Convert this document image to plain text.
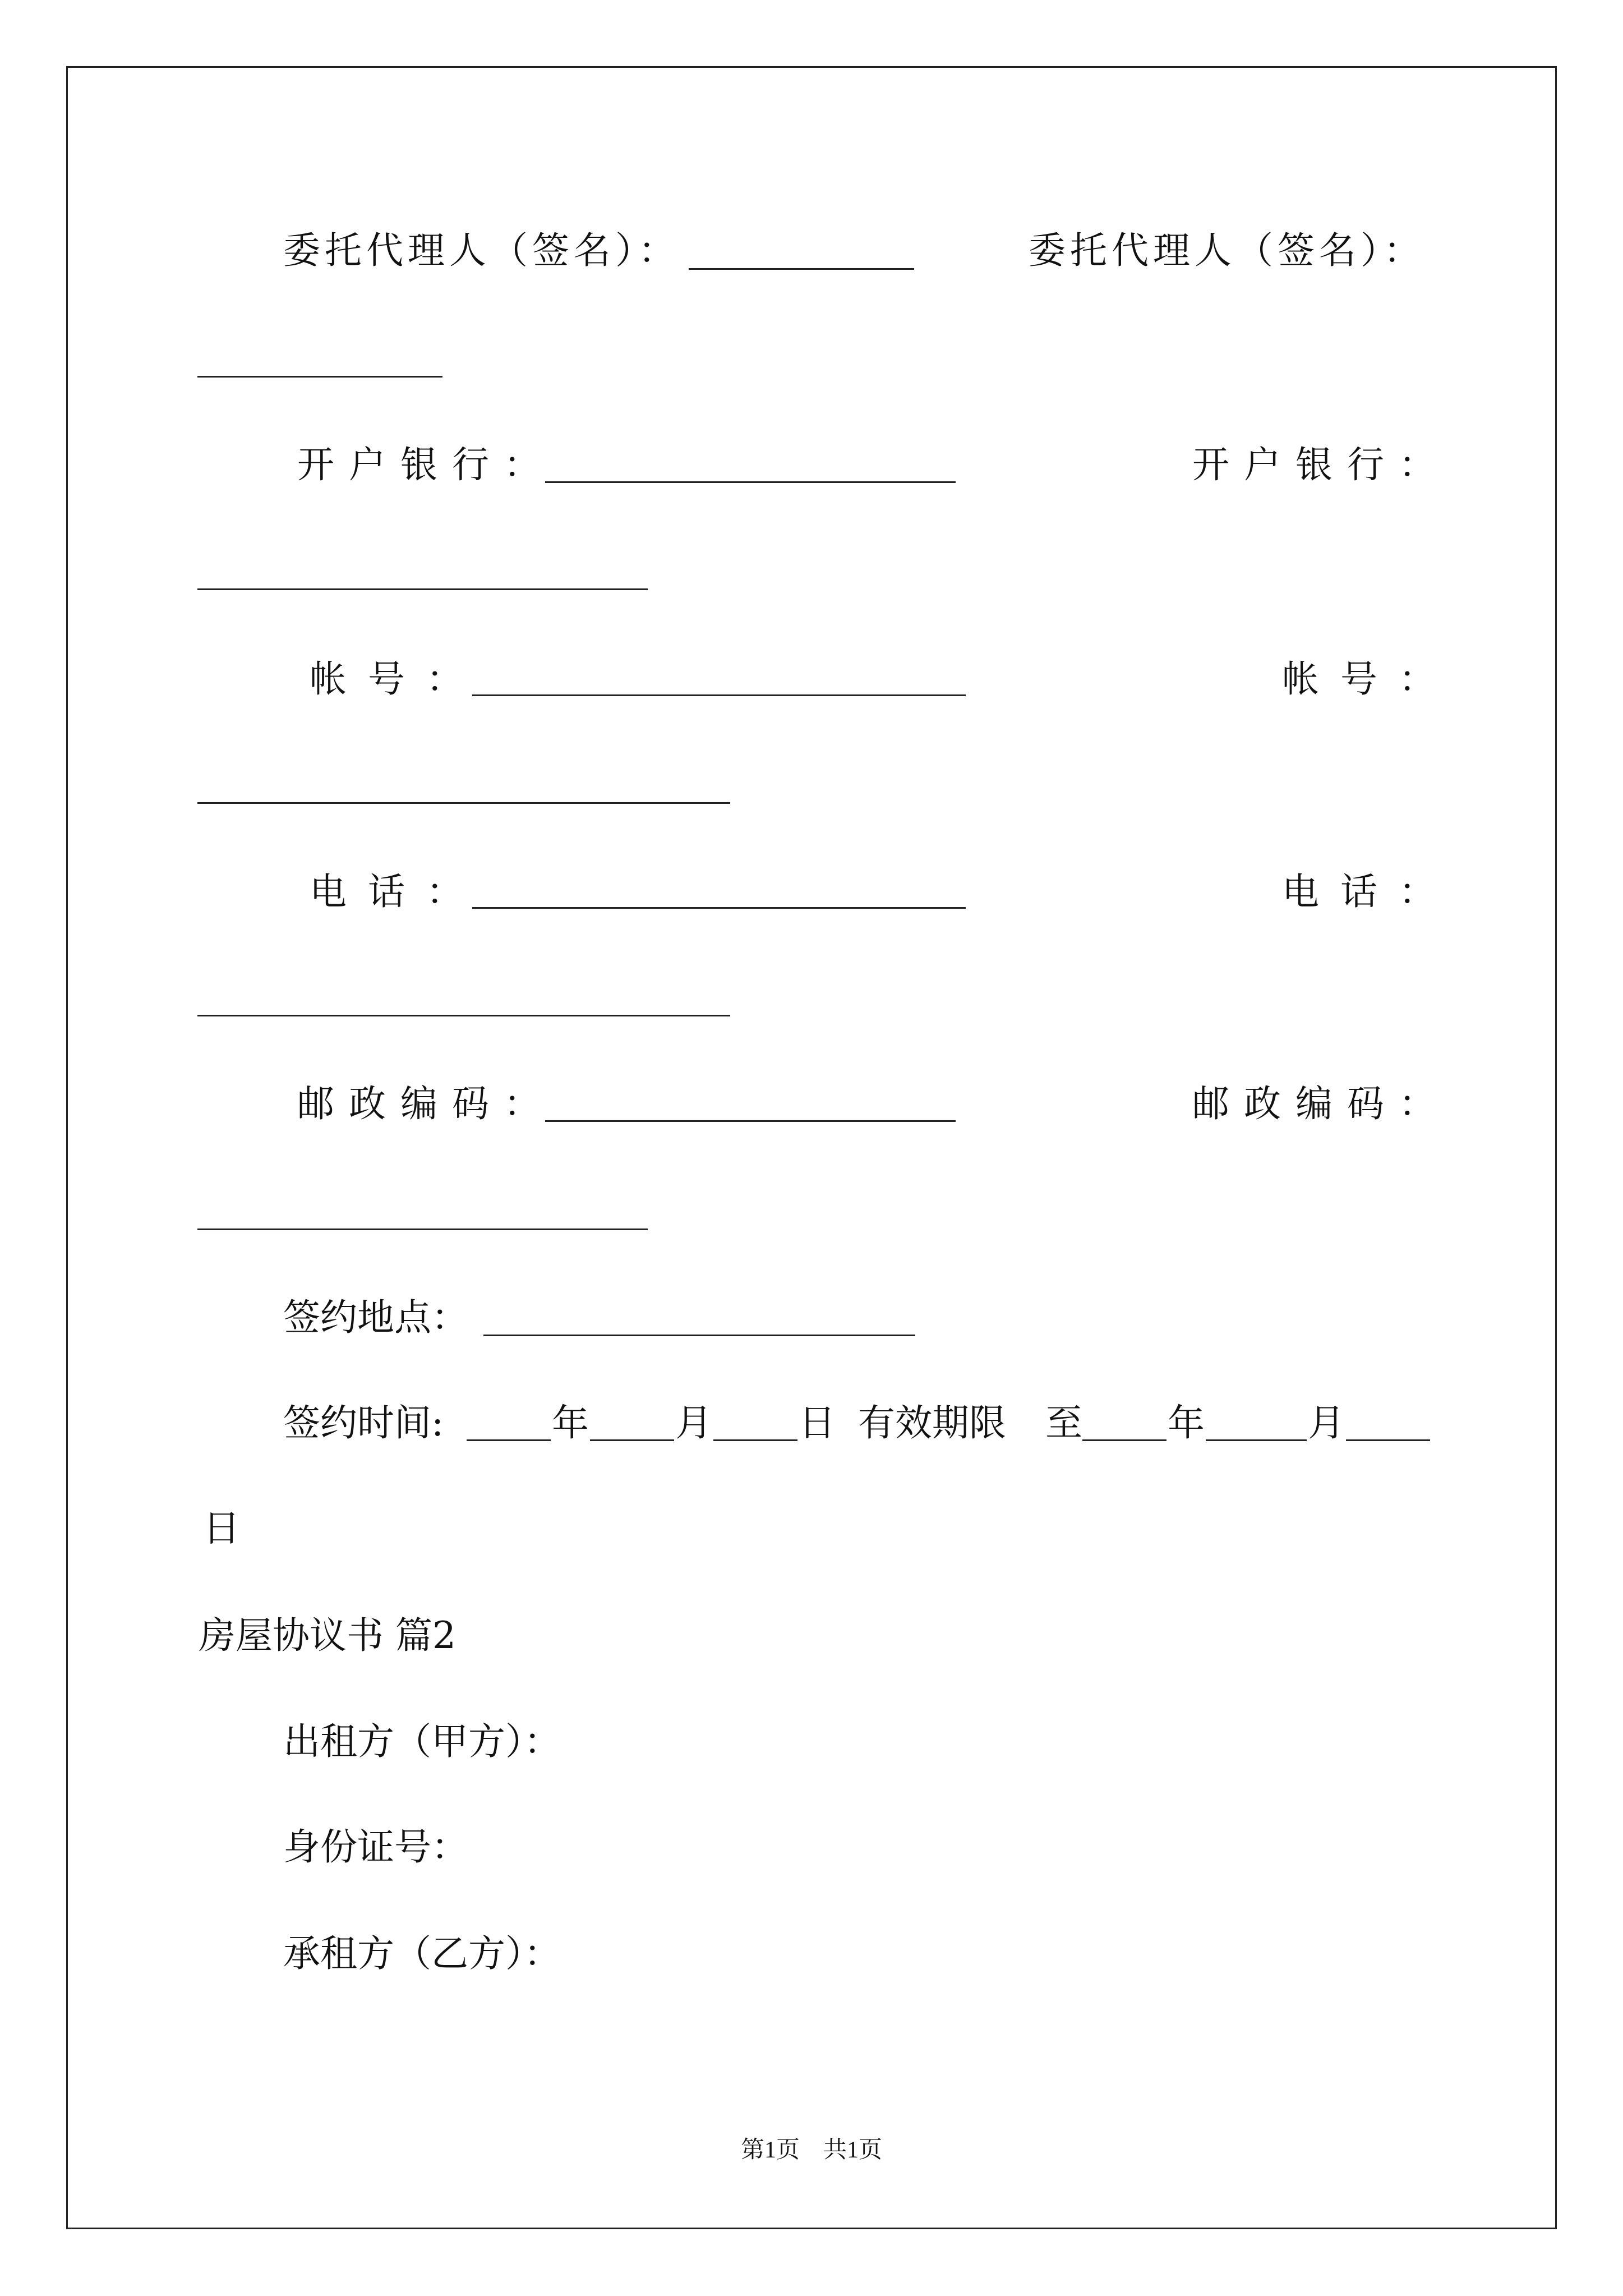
委托代理人（签名）：	委托代理人（签名）：
开户银行：	开户银行：
帐号：	帐号：
电话：	电话：
邮政编码：	邮政编码：
签约地点：
签约时间:	年 月 日 有效期限 至 年	月
日
房屋协议书 篇2
出租方（甲方）：
身份证号：
承租方（乙方）：
第1页　共1页
